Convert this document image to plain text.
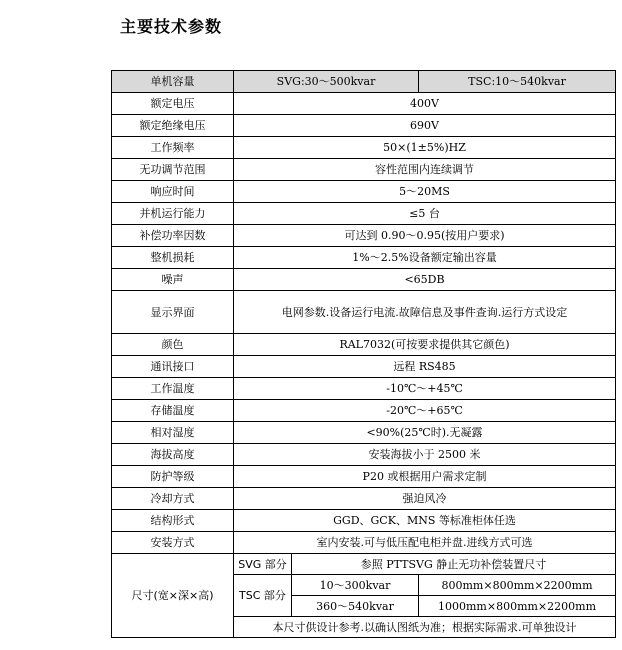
主要技术参数
单机容量	SVG:30～500kvar		TSC:10～540kvar
额定电压	400V		
额定绝缘电压	690V		
工作频率	50×(1±5%)HZ		
无功调节范围	容性范围内连续调节		
响应时间	5～20MS		
并机运行能力	≤5 台		
补偿功率因数	可达到 0.90～0.95(按用户要求)		
整机损耗	1%～2.5%设备额定输出容量		
噪声	<65DB		
显示界面	电网参数.设备运行电流.故障信息及事件查询.运行方式设定		
颜色	RAL7032(可按要求提供其它颜色)		
通讯接口	远程 RS485		
工作温度	-10℃～+45℃		
存储温度	-20℃～+65℃		
相对湿度	<90%(25℃时).无凝露		
海拔高度	安装海拔小于 2500 米		
防护等级	P20 或根据用户需求定制		
冷却方式	强迫风冷		
结构形式	GGD、GCK、MNS 等标准柜体任选		
安装方式	室内安装.可与低压配电柜并盘.进线方式可选		
尺寸(宽×深×高)	SVG 部分	参照 PTTSVG 静止无功补偿装置尺寸	
	TSC 部分	10～300kvar	800mm×800mm×2200mm
		360～540kvar	1000mm×800mm×2200mm
	本尺寸供设计参考.以确认图纸为准；根据实际需求.可单独设计		
